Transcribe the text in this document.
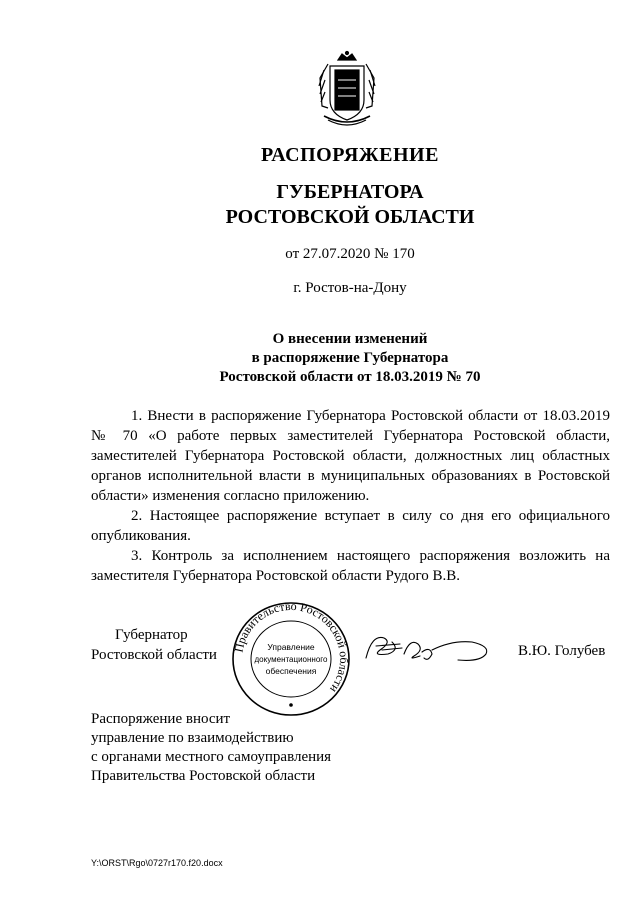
РАСПОРЯЖЕНИЕ
ГУБЕРНАТОРА
РОСТОВСКОЙ ОБЛАСТИ
от 27.07.2020 № 170
г. Ростов-на-Дону
О внесении изменений
в распоряжение Губернатора
Ростовской области от 18.03.2019 № 70

1. Внести в распоряжение Губернатора Ростовской области от 18.03.2019 № 70 «О работе первых заместителей Губернатора Ростовской области, заместителей Губернатора Ростовской области, должностных лиц областных органов исполнительной власти в муниципальных образованиях в Ростовской области» изменения согласно приложению.

2. Настоящее распоряжение вступает в силу со дня его официального опубликования.

3. Контроль за исполнением настоящего распоряжения возложить на заместителя Губернатора Ростовской области Рудого В.В.

Губернатор
Ростовской области Правительство Ростовской области
Управление
документационного
обеспечения
В.Ю. Голубев
Распоряжение вносит
управление по взаимодействию
с органами местного самоуправления
Правительства Ростовской области
Y:\ORST\Rgo\0727r170.f20.docx
